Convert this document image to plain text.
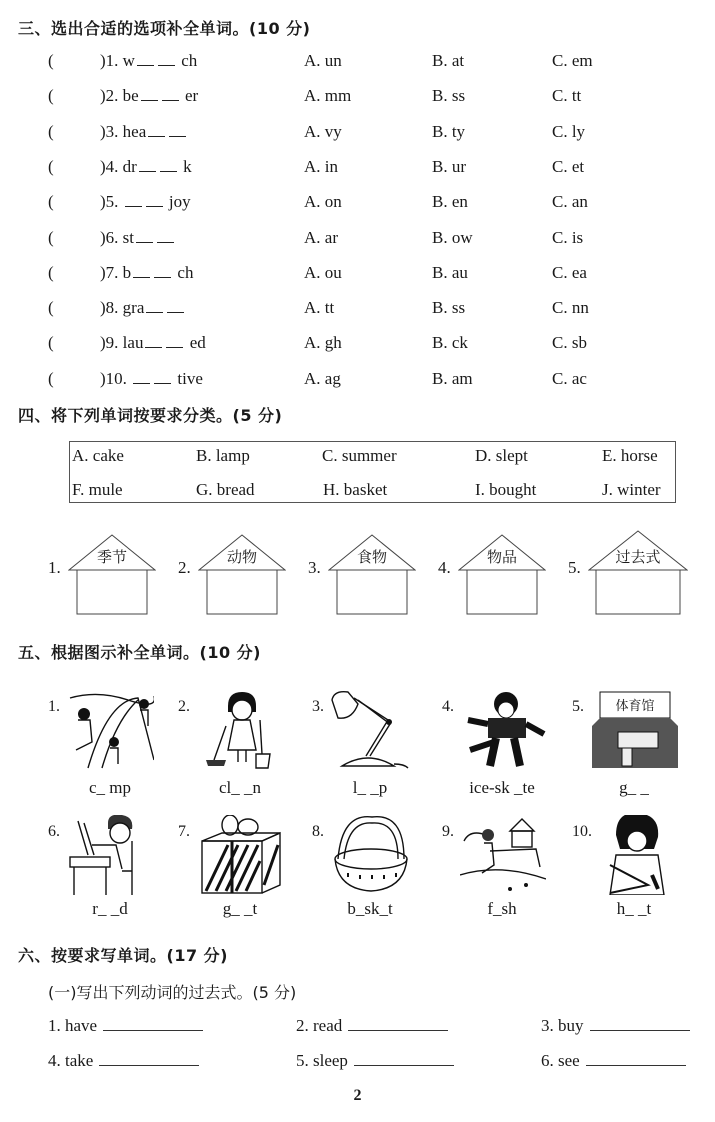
三、选出合适的选项补全单词。(10 分)
(	)1. w	ch	A. un	B. at	C. em
(	)2. be	er	A. mm	B. ss	C. tt
(	)3. hea	A. vy	B. ty	C. ly
(	)4. dr	k	A. in	B. ur	C. et
(	)5.	joy	A. on	B. en	C. an
(	)6. st	A. ar	B. ow	C. is
(	)7. b	ch	A. ou	B. au	C. ea
(	)8. gra	A. tt	B. ss	C. nn
(	)9. lau	ed	A. gh	B. ck	C. sb
(	)10.	tive	A. ag	B. am	C. ac
四、将下列单词按要求分类。(5 分)
A. cake	B. lamp	C. summer	D. slept	E. horse
F. mule	G. bread	H. basket	I. bought	J. winter
1.
季节
2.
动物
3.
食物
4.
物品
5.
过去式
五、根据图示补全单词。(10 分)
1.
c_ mp
2.
cl_ _n
3.
l_ _p
4.
ice-sk _te
5. 体育馆
g_ _
6.
r_ _d
7.
g_ _t
8.
b_sk_t
9.
f_sh
10.
h_ _t
六、按要求写单词。(17 分)
(一)写出下列动词的过去式。(5 分)
1. have	2. read	3. buy
4. take	5. sleep	6. see
2
